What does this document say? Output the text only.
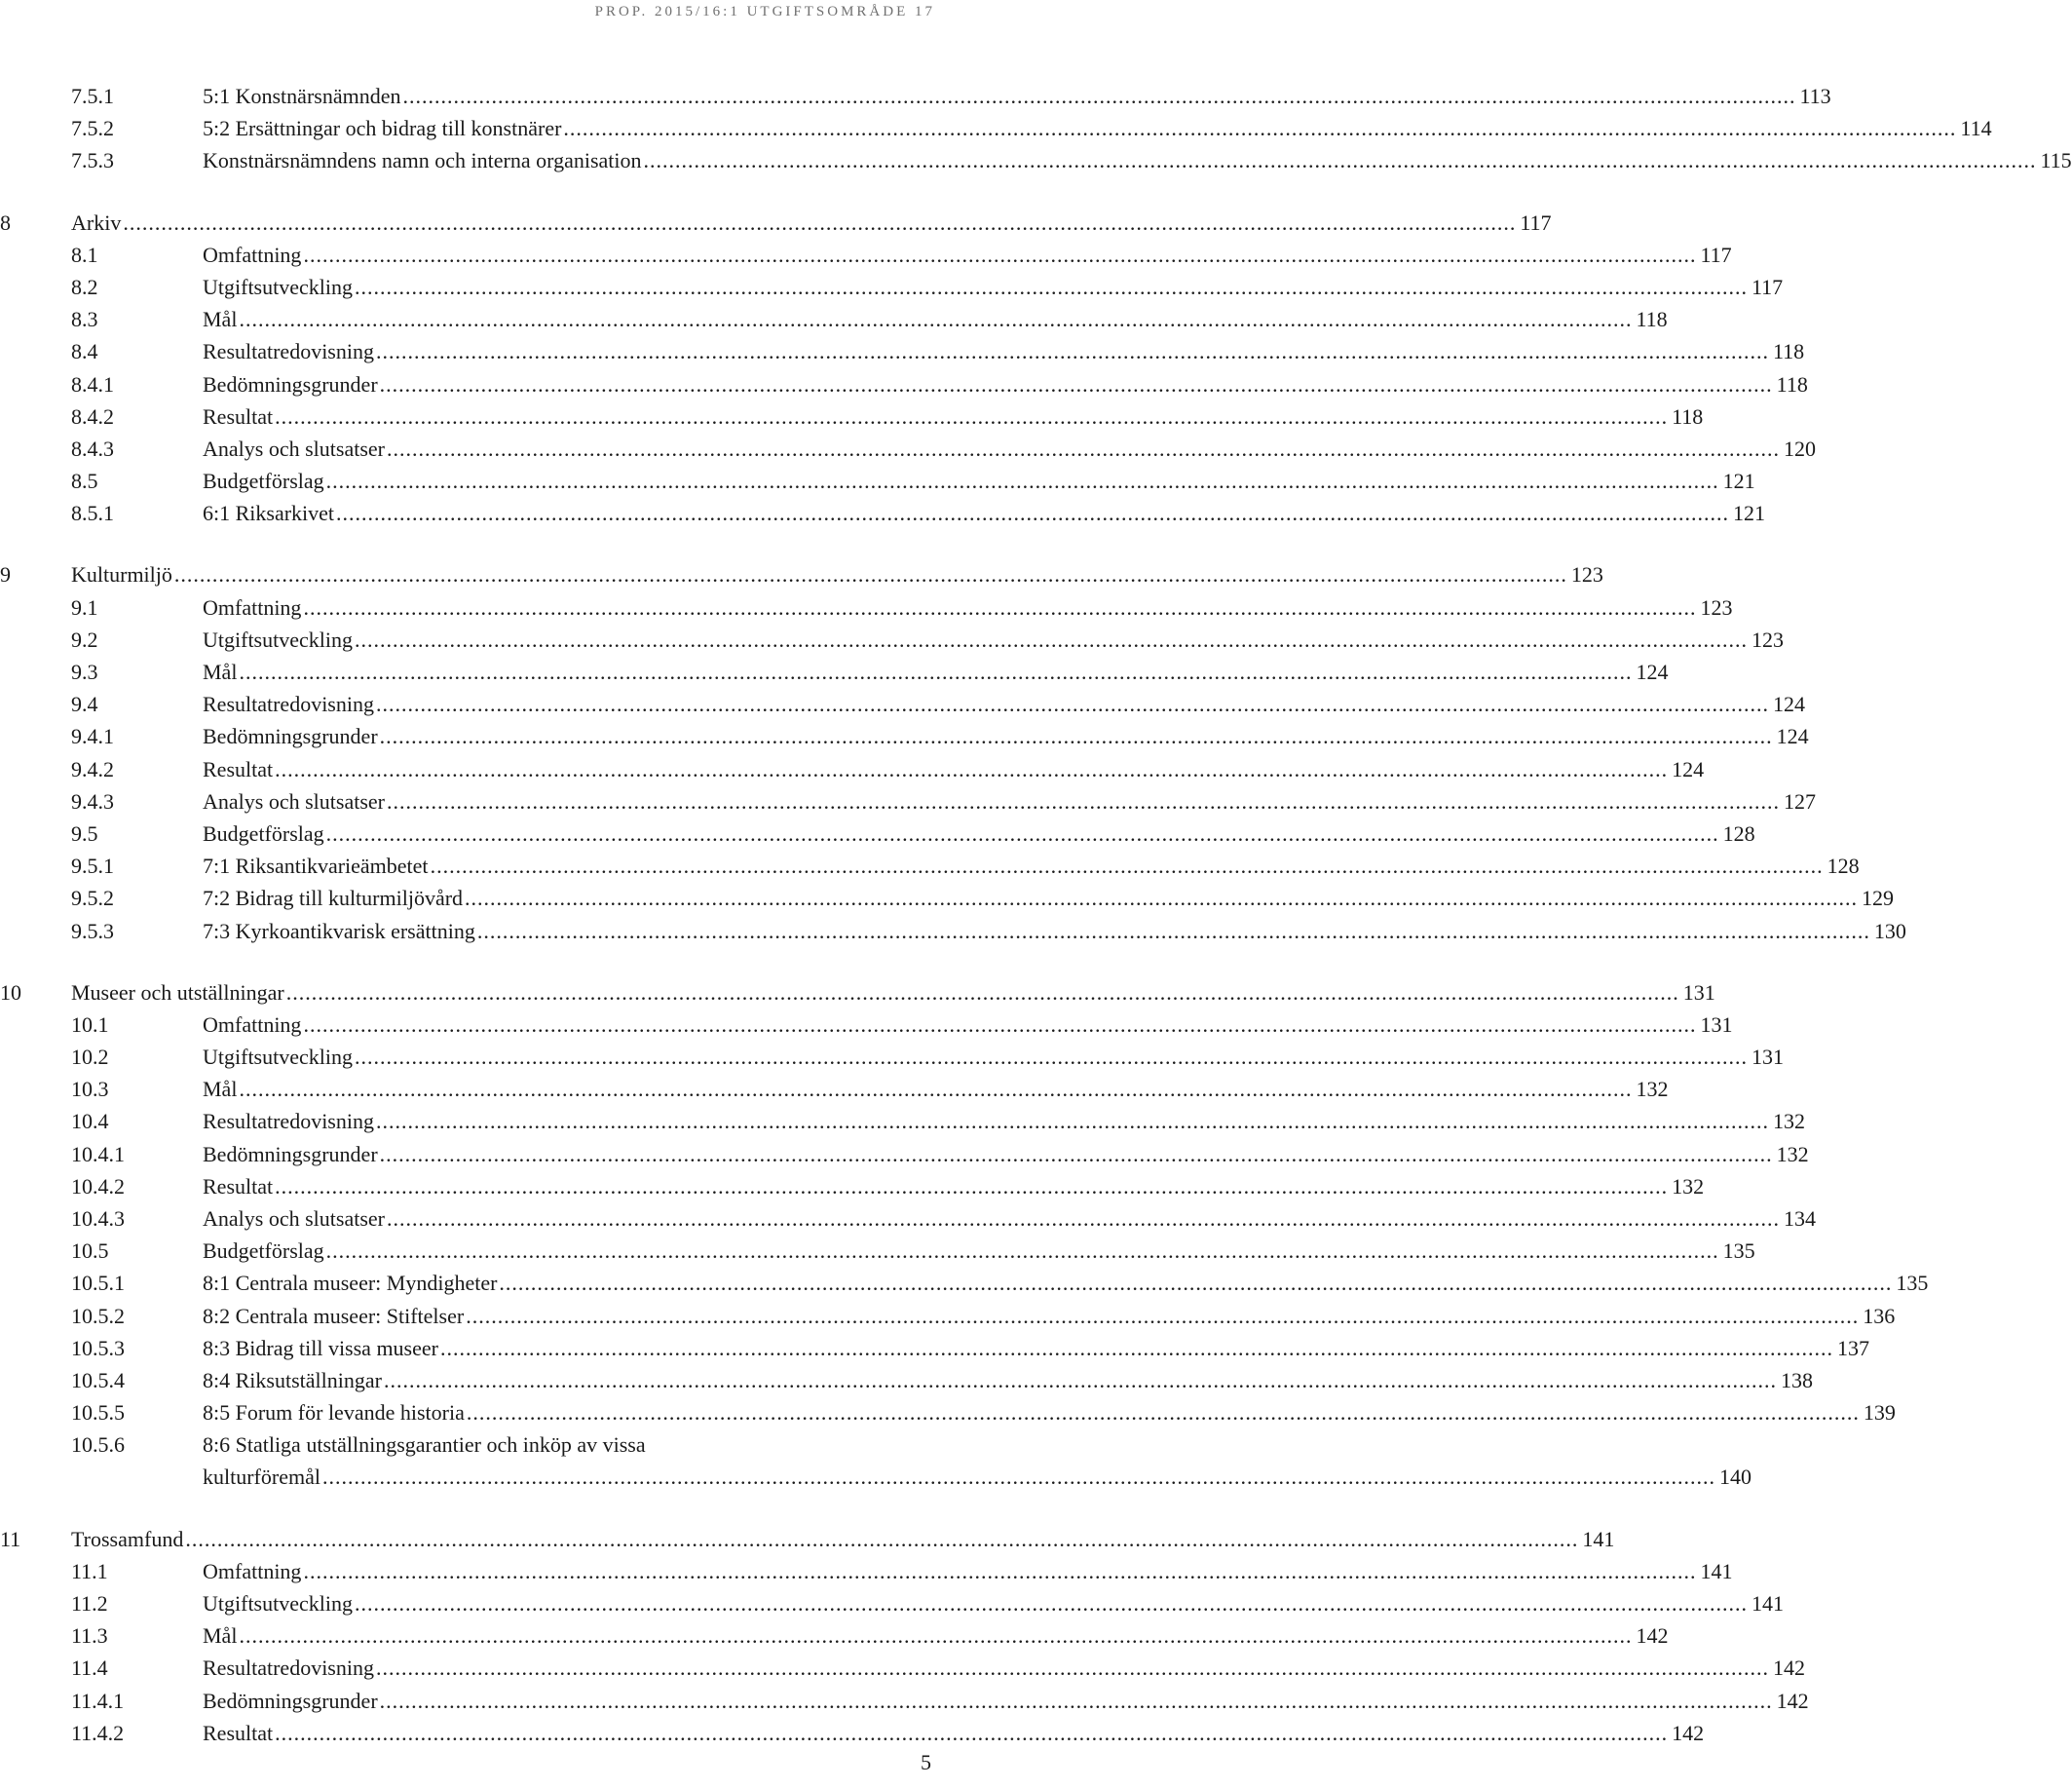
PROP. 2015/16:1 UTGIFTSOMRÅDE 17
7.5.1	5:1 Konstnärsnämnden ............................................................................................................................................................................................................................ 113
7.5.2	5:2 Ersättningar och bidrag till konstnärer ............................................................................................................................................................................................................................ 114
7.5.3	Konstnärsnämndens namn och interna organisation ............................................................................................................................................................................................................................ 115
8	Arkiv ............................................................................................................................................................................................................................ 117
8.1	Omfattning ............................................................................................................................................................................................................................ 117
8.2	Utgiftsutveckling ............................................................................................................................................................................................................................ 117
8.3	Mål ............................................................................................................................................................................................................................ 118
8.4	Resultatredovisning ............................................................................................................................................................................................................................ 118
8.4.1	Bedömningsgrunder ............................................................................................................................................................................................................................ 118
8.4.2	Resultat ............................................................................................................................................................................................................................ 118
8.4.3	Analys och slutsatser ............................................................................................................................................................................................................................ 120
8.5	Budgetförslag ............................................................................................................................................................................................................................ 121
8.5.1	6:1 Riksarkivet ............................................................................................................................................................................................................................ 121
9	Kulturmiljö ............................................................................................................................................................................................................................ 123
9.1	Omfattning ............................................................................................................................................................................................................................ 123
9.2	Utgiftsutveckling ............................................................................................................................................................................................................................ 123
9.3	Mål ............................................................................................................................................................................................................................ 124
9.4	Resultatredovisning ............................................................................................................................................................................................................................ 124
9.4.1	Bedömningsgrunder ............................................................................................................................................................................................................................ 124
9.4.2	Resultat ............................................................................................................................................................................................................................ 124
9.4.3	Analys och slutsatser ............................................................................................................................................................................................................................ 127
9.5	Budgetförslag ............................................................................................................................................................................................................................ 128
9.5.1	7:1 Riksantikvarieämbetet ............................................................................................................................................................................................................................ 128
9.5.2	7:2 Bidrag till kulturmiljövård ............................................................................................................................................................................................................................ 129
9.5.3	7:3 Kyrkoantikvarisk ersättning ............................................................................................................................................................................................................................ 130
10 Museer och utställningar ............................................................................................................................................................................................................................ 131
10.1	Omfattning ............................................................................................................................................................................................................................ 131
10.2	Utgiftsutveckling ............................................................................................................................................................................................................................ 131
10.3	Mål ............................................................................................................................................................................................................................ 132
10.4	Resultatredovisning ............................................................................................................................................................................................................................ 132
10.4.1	Bedömningsgrunder ............................................................................................................................................................................................................................ 132
10.4.2	Resultat ............................................................................................................................................................................................................................ 132
10.4.3	Analys och slutsatser ............................................................................................................................................................................................................................ 134
10.5	Budgetförslag ............................................................................................................................................................................................................................ 135
10.5.1	8:1 Centrala museer: Myndigheter ............................................................................................................................................................................................................................ 135
10.5.2	8:2 Centrala museer: Stiftelser ............................................................................................................................................................................................................................ 136
10.5.3	8:3 Bidrag till vissa museer ............................................................................................................................................................................................................................ 137
10.5.4	8:4 Riksutställningar ............................................................................................................................................................................................................................ 138
10.5.5	8:5 Forum för levande historia ............................................................................................................................................................................................................................ 139
10.5.6	8:6 Statliga utställningsgarantier och inköp av vissa
kulturföremål ............................................................................................................................................................................................................................ 140
11 Trossamfund ............................................................................................................................................................................................................................ 141
11.1	Omfattning ............................................................................................................................................................................................................................ 141
11.2	Utgiftsutveckling ............................................................................................................................................................................................................................ 141
11.3	Mål ............................................................................................................................................................................................................................ 142
11.4	Resultatredovisning ............................................................................................................................................................................................................................ 142
11.4.1	Bedömningsgrunder ............................................................................................................................................................................................................................ 142
11.4.2	Resultat ............................................................................................................................................................................................................................ 142
5
